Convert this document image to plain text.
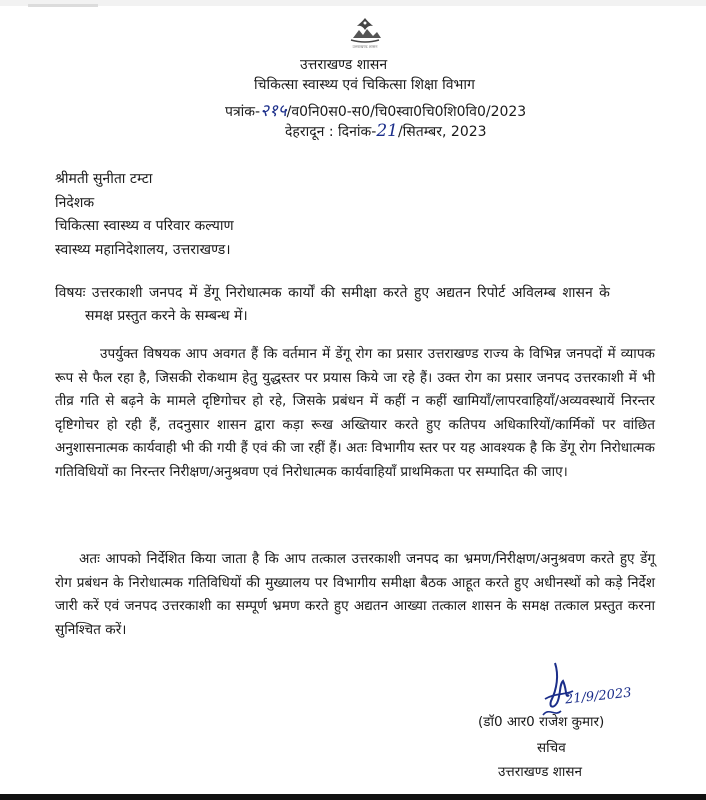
उत्तराखण्ड शासन
उत्तराखण्ड शासन
चिकित्सा स्वास्थ्य एवं चिकित्सा शिक्षा विभाग
पत्रांक-२१५/व0नि0स0-स0/चि0स्वा0चि0शि0वि0/2023
देहरादून : दिनांक-21/सितम्बर, 2023
श्रीमती सुनीता टम्टा
निदेशक
चिकित्सा स्वास्थ्य व परिवार कल्याण
स्वास्थ्य महानिदेशालय, उत्तराखण्ड।
विषयः उत्तरकाशी जनपद में डेंगू निरोधात्मक कार्यों की समीक्षा करते हुए अद्यतन रिपोर्ट अविलम्ब शासन के
समक्ष प्रस्तुत करने के सम्बन्ध में।
उपर्युक्त विषयक आप अवगत हैं कि वर्तमान में डेंगू रोग का प्रसार उत्तराखण्ड राज्य के विभिन्न जनपदों में व्यापक रूप से फैल रहा है, जिसकी रोकथाम हेतु युद्धस्तर पर प्रयास किये जा रहे हैं। उक्त रोग का प्रसार जनपद उत्तरकाशी में भी तीव्र गति से बढ़ने के मामले दृष्टिगोचर हो रहे, जिसके प्रबंधन में कहीं न कहीं खामियाँ/लापरवाहियाँ/अव्यवस्थायें निरन्तर दृष्टिगोचर हो रही हैं, तदनुसार शासन द्वारा कड़ा रूख अख्तियार करते हुए कतिपय अधिकारियों/कार्मिकों पर वांछित अनुशासनात्मक कार्यवाही भी की गयी हैं एवं की जा रहीं हैं। अतः विभागीय स्तर पर यह आवश्यक है कि डेंगू रोग निरोधात्मक गतिविधियों का निरन्तर निरीक्षण/अनुश्रवण एवं निरोधात्मक कार्यवाहियाँ प्राथमिकता पर सम्पादित की जाए।
अतः आपको निर्देशित किया जाता है कि आप तत्काल उत्तरकाशी जनपद का भ्रमण/निरीक्षण/अनुश्रवण करते हुए डेंगू रोग प्रबंधन के निरोधात्मक गतिविधियों की मुख्यालय पर विभागीय समीक्षा बैठक आहूत करते हुए अधीनस्थों को कड़े निर्देश जारी करें एवं जनपद उत्तरकाशी का सम्पूर्ण भ्रमण करते हुए अद्यतन आख्या तत्काल शासन के समक्ष तत्काल प्रस्तुत करना सुनिश्चित करें।
21/9/2023
(डॉ0 आर0 राजेश कुमार)
सचिव
उत्तराखण्ड शासन
